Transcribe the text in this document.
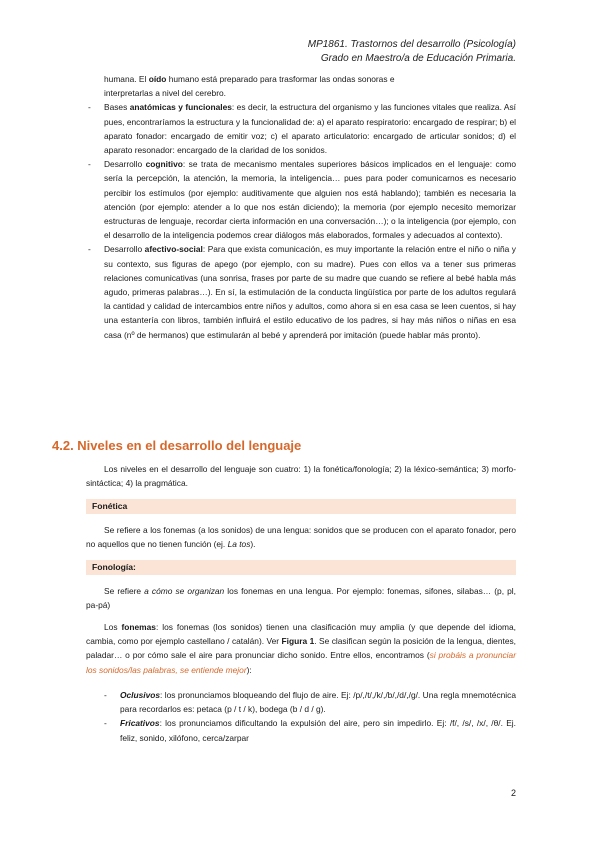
MP1861. Trastornos del desarrollo (Psicología)
Grado en Maestro/a de Educación Primaria.

humana. El oído humano está preparado para trasformar las ondas sonoras e
interpretarlas a nivel del cerebro.

- Bases anatómicas y funcionales: es decir, la estructura del organismo y las funciones vitales que realiza. Así pues, encontraríamos la estructura y la funcionalidad de: a) el aparato respiratorio: encargado de respirar; b) el aparato fonador: encargado de emitir voz; c) el aparato articulatorio: encargado de articular sonidos; d) el aparato resonador: encargado de la claridad de los sonidos.

- Desarrollo cognitivo: se trata de mecanismo mentales superiores básicos implicados en el lenguaje: como sería la percepción, la atención, la memoria, la inteligencia… pues para poder comunicarnos es necesario percibir los estímulos (por ejemplo: auditivamente que alguien nos está hablando); también es necesaria la atención (por ejemplo: atender a lo que nos están diciendo); la memoria (por ejemplo necesito memorizar estructuras de lenguaje, recordar cierta información en una conversación…); o la inteligencia (por ejemplo, con el desarrollo de la inteligencia podemos crear diálogos más elaborados, formales y adecuados al contexto).

- Desarrollo afectivo-social: Para que exista comunicación, es muy importante la relación entre el niño o niña y su contexto, sus figuras de apego (por ejemplo, con su madre). Pues con ellos va a tener sus primeras relaciones comunicativas (una sonrisa, frases por parte de su madre que cuando se refiere al bebé habla más agudo, primeras palabras…). En sí, la estimulación de la conducta lingüística por parte de los adultos regulará la cantidad y calidad de intercambios entre niños y adultos, como ahora si en esa casa se leen cuentos, si hay una estantería con libros, también influirá el estilo educativo de los padres, si hay más niños o niñas en esa casa (nº de hermanos) que estimularán al bebé y aprenderá por imitación (puede hablar más pronto).

4.2. Niveles en el desarrollo del lenguaje

Los niveles en el desarrollo del lenguaje son cuatro: 1) la fonética/fonología; 2) la léxico-semántica; 3) morfo-sintáctica; 4) la pragmática.

Fonética

Se refiere a los fonemas (a los sonidos) de una lengua: sonidos que se producen con el aparato fonador, pero no aquellos que no tienen función (ej. La tos).

Fonología:

Se refiere a cómo se organizan los fonemas en una lengua. Por ejemplo: fonemas, sifones, silabas… (p, pl, pa-pá)

Los fonemas: los fonemas (los sonidos) tienen una clasificación muy amplia (y que depende del idioma, cambia, como por ejemplo castellano / catalán). Ver Figura 1. Se clasifican según la posición de la lengua, dientes, paladar… o por cómo sale el aire para pronunciar dicho sonido. Entre ellos, encontramos (si probáis a pronunciar los sonidos/las palabras, se entiende mejor):

- Oclusivos: los pronunciamos bloqueando del flujo de aire. Ej: /p/,/t/,/k/,/b/,/d/,/g/. Una regla mnemotécnica para recordarlos es: petaca (p / t / k), bodega (b / d / g).

- Fricativos: los pronunciamos dificultando la expulsión del aire, pero sin impedirlo. Ej: /f/, /s/, /x/, /θ/. Ej. feliz, sonido, xilófono, cerca/zarpar

2
